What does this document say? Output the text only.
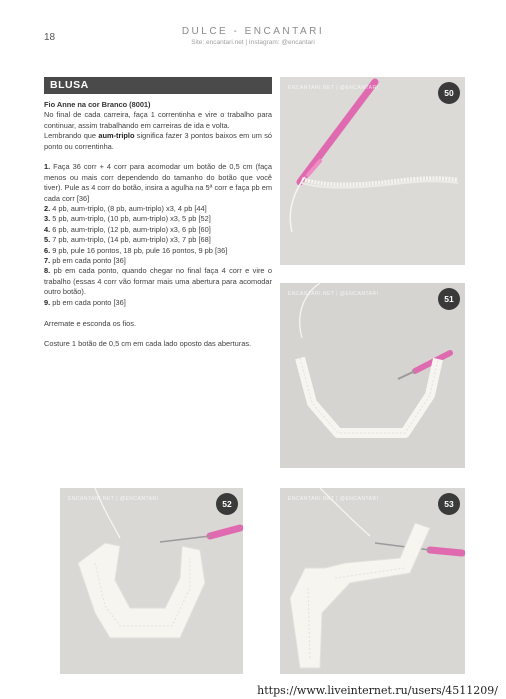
18
DULCE - ENCANTARI
Site: encantari.net | Instagram: @encantari
BLUSA

Fio Anne na cor Branco (8001)

No final de cada carreira, faça 1 correntinha e vire o trabalho para continuar, assim trabalhando em carreiras de ida e volta.

Lembrando que aum-triplo significa fazer 3 pontos baixos em um só ponto ou correntinha.

1. Faça 36 corr + 4 corr para acomodar um botão de 0,5 cm (faça menos ou mais corr dependendo do tamanho do botão que você tiver). Pule as 4 corr do botão, insira a agulha na 5ª corr e faça pb em cada corr [36]

2. 4 pb, aum-triplo, (8 pb, aum-triplo) x3, 4 pb [44]

3. 5 pb, aum-triplo, (10 pb, aum-triplo) x3, 5 pb [52]

4. 6 pb, aum-triplo, (12 pb, aum-triplo) x3, 6 pb [60]

5. 7 pb, aum-triplo, (14 pb, aum-triplo) x3, 7 pb [68]

6. 9 pb, pule 16 pontos, 18 pb, pule 16 pontos, 9 pb [36]

7. pb em cada ponto [36]

8. pb em cada ponto, quando chegar no final faça 4 corr e vire o trabalho (essas 4 corr vão formar mais uma abertura para acomodar outro botão).

9. pb em cada ponto [36]

Arremate e esconda os fios.

Costure 1 botão de 0,5 cm em cada lado oposto das aberturas.

ENCANTARI.NET | @ENCANTARI	50
ENCANTARI.NET | @ENCANTARI	51
ENCANTARI.NET | @ENCANTARI	52	ENCANTARI.NET | @ENCANTARI	53
https://www.liveinternet.ru/users/4511209/
